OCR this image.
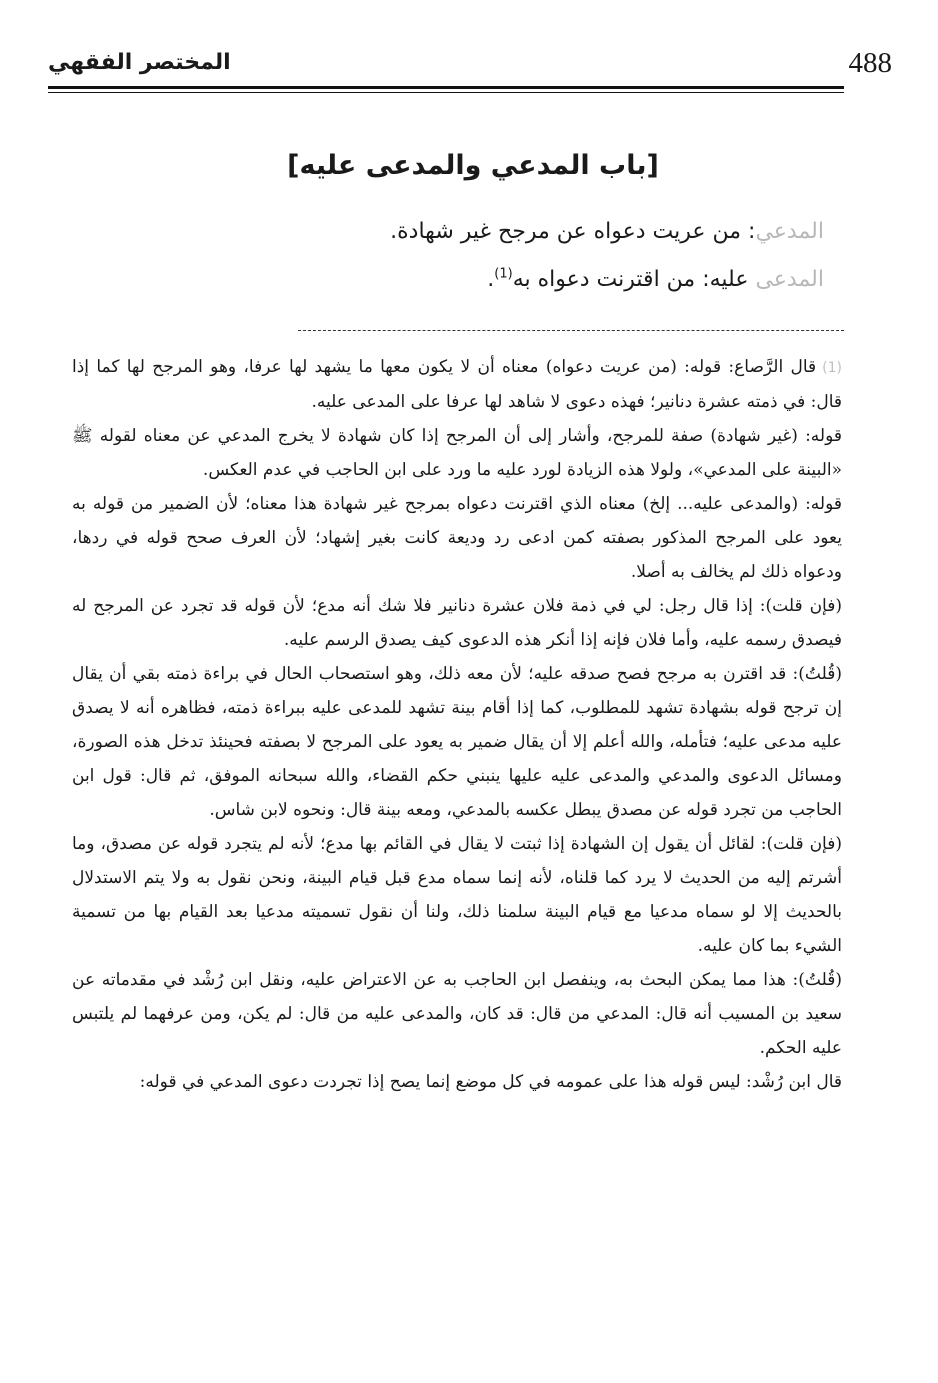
488
المختصر الفقهي
[باب المدعي والمدعى عليه]
المدعي: من عريت دعواه عن مرجح غير شهادة.
المدعى عليه: من اقترنت دعواه به$^{(1)}$.

(1)قال الرَّصاع: قوله: (من عريت دعواه) معناه أن لا يكون معها ما يشهد لها عرفا، وهو المرجح لها كما إذا قال: في ذمته عشرة دنانير؛ فهذه دعوى لا شاهد لها عرفا على المدعى عليه.

قوله: (غير شهادة) صفة للمرجح، وأشار إلى أن المرجح إذا كان شهادة لا يخرج المدعي عن معناه لقوله ﷺ «البينة على المدعي»، ولولا هذه الزيادة لورد عليه ما ورد على ابن الحاجب في عدم العكس.

قوله: (والمدعى عليه... إلخ) معناه الذي اقترنت دعواه بمرجح غير شهادة هذا معناه؛ لأن الضمير من قوله به يعود على المرجح المذكور بصفته كمن ادعى رد وديعة كانت بغير إشهاد؛ لأن العرف صحح قوله في ردها، ودعواه ذلك لم يخالف به أصلا.

(فإن قلت): إذا قال رجل: لي في ذمة فلان عشرة دنانير فلا شك أنه مدع؛ لأن قوله قد تجرد عن المرجح له فيصدق رسمه عليه، وأما فلان فإنه إذا أنكر هذه الدعوى كيف يصدق الرسم عليه.

(قُلتُ): قد اقترن به مرجح فصح صدقه عليه؛ لأن معه ذلك، وهو استصحاب الحال في براءة ذمته بقي أن يقال إن ترجح قوله بشهادة تشهد للمطلوب، كما إذا أقام بينة تشهد للمدعى عليه ببراءة ذمته، فظاهره أنه لا يصدق عليه مدعى عليه؛ فتأمله، والله أعلم إلا أن يقال ضمير به يعود على المرجح لا بصفته فحينئذ تدخل هذه الصورة، ومسائل الدعوى والمدعي والمدعى عليه عليها ينبني حكم القضاء، والله سبحانه الموفق، ثم قال: قول ابن الحاجب من تجرد قوله عن مصدق يبطل عكسه بالمدعي، ومعه بينة قال: ونحوه لابن شاس.

(فإن قلت): لقائل أن يقول إن الشهادة إذا ثبتت لا يقال في القائم بها مدع؛ لأنه لم يتجرد قوله عن مصدق، وما أشرتم إليه من الحديث لا يرد كما قلناه، لأنه إنما سماه مدع قبل قيام البينة، ونحن نقول به ولا يتم الاستدلال بالحديث إلا لو سماه مدعيا مع قيام البينة سلمنا ذلك، ولنا أن نقول تسميته مدعيا بعد القيام بها من تسمية الشيء بما كان عليه.

(قُلتُ): هذا مما يمكن البحث به، وينفصل ابن الحاجب به عن الاعتراض عليه، ونقل ابن رُشْد في مقدماته عن سعيد بن المسيب أنه قال: المدعي من قال: قد كان، والمدعى عليه من قال: لم يكن، ومن عرفهما لم يلتبس عليه الحكم.

قال ابن رُشْد: ليس قوله هذا على عمومه في كل موضع إنما يصح إذا تجردت دعوى المدعي في قوله:
